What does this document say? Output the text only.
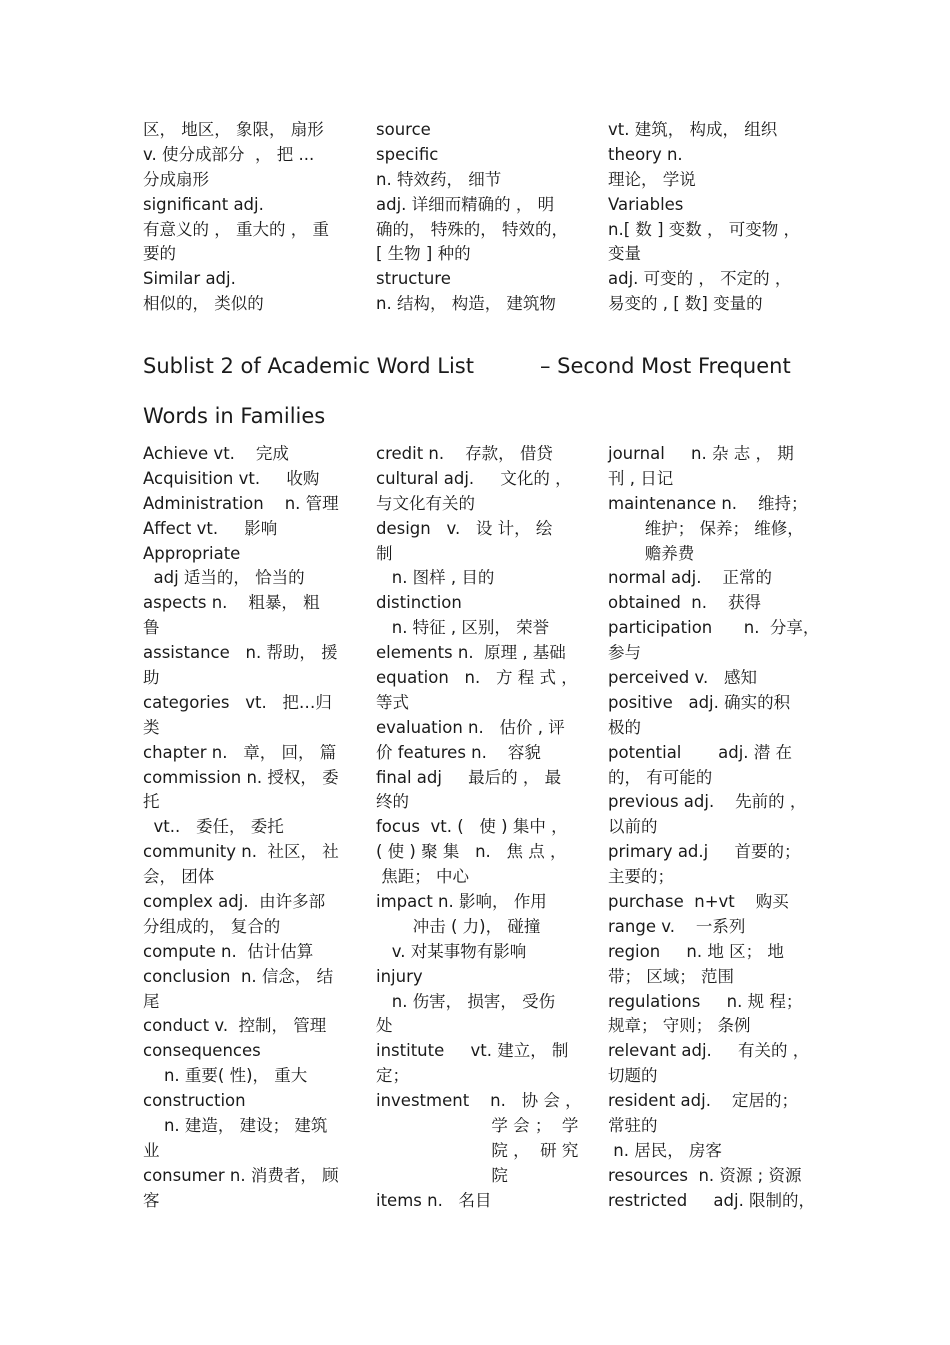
区， 地区， 象限， 扇形
v. 使分成部分  ， 把 ...
分成扇形
significant adj.
有意义的 ， 重大的 ， 重
要的
Similar adj.
相似的， 类似的
source
specific
n. 特效药， 细节
adj. 详细而精确的 ， 明
确的， 特殊的， 特效的，
[ 生物 ] 种的
structure
n. 结构， 构造， 建筑物
vt. 建筑， 构成， 组织
theory n.
理论， 学说
Variables
n.[ 数 ] 变数 ， 可变物 ，
变量
adj. 可变的 ， 不定的 ，
易变的 , [ 数] 变量的
Sublist 2 of Academic Word List	– Second Most Frequent
Words in Families
Achieve vt.    完成
Acquisition vt.     收购
Administration    n. 管理
Affect vt.     影响
Appropriate
adj 适当的， 恰当的
aspects n.    粗暴， 粗
鲁
assistance   n. 帮助， 援
助
categories   vt.   把…归
类
chapter n.   章， 回， 篇
commission n. 授权， 委
托
vt..   委任， 委托
community n.  社区， 社
会， 团体
complex adj.  由许多部
分组成的， 复合的
compute n.  估计估算
conclusion  n. 信念， 结
尾
conduct v.  控制， 管理
consequences
n. 重要( 性)， 重大
construction
n. 建造， 建设； 建筑
业
consumer n. 消费者， 顾
客
credit n.    存款， 借贷
cultural adj.     文化的 ，
与文化有关的
design   v.   设 计， 绘
制
n. 图样 , 目的
distinction
n. 特征 , 区别， 荣誉
elements n.  原理 , 基础
equation   n.   方 程 式 ，
等式
evaluation n.   估价 , 评
价 features n.    容貌
final adj     最后的 ， 最
终的
focus  vt. (   使 ) 集中 ，
( 使 ) 聚 集   n.   焦 点 ，
焦距； 中心
impact n. 影响， 作用
冲击 ( 力)， 碰撞
v. 对某事物有影响
injury
n. 伤害， 损害， 受伤
处
institute     vt. 建立， 制
定；
investment    n.   协 会 ，
学 会 ；  学
院 ，  研 究
院
items n.   名目
journal     n. 杂 志 ， 期
刊 , 日记
maintenance n.    维持；
维护； 保养； 维修，
赡养费
normal adj.    正常的
obtained  n.    获得
participation      n.  分享，
参与
perceived v.   感知
positive   adj. 确实的积
极的
potential       adj. 潜 在
的， 有可能的
previous adj.    先前的 ，
以前的
primary ad.j     首要的；
主要的；
purchase  n+vt    购买
range v.    一系列
region     n. 地 区； 地
带； 区域； 范围
regulations     n. 规 程；
规章； 守则； 条例
relevant adj.     有关的 ，
切题的
resident adj.    定居的；
常驻的
n. 居民， 房客
resources  n. 资源 ; 资源
restricted     adj. 限制的，
